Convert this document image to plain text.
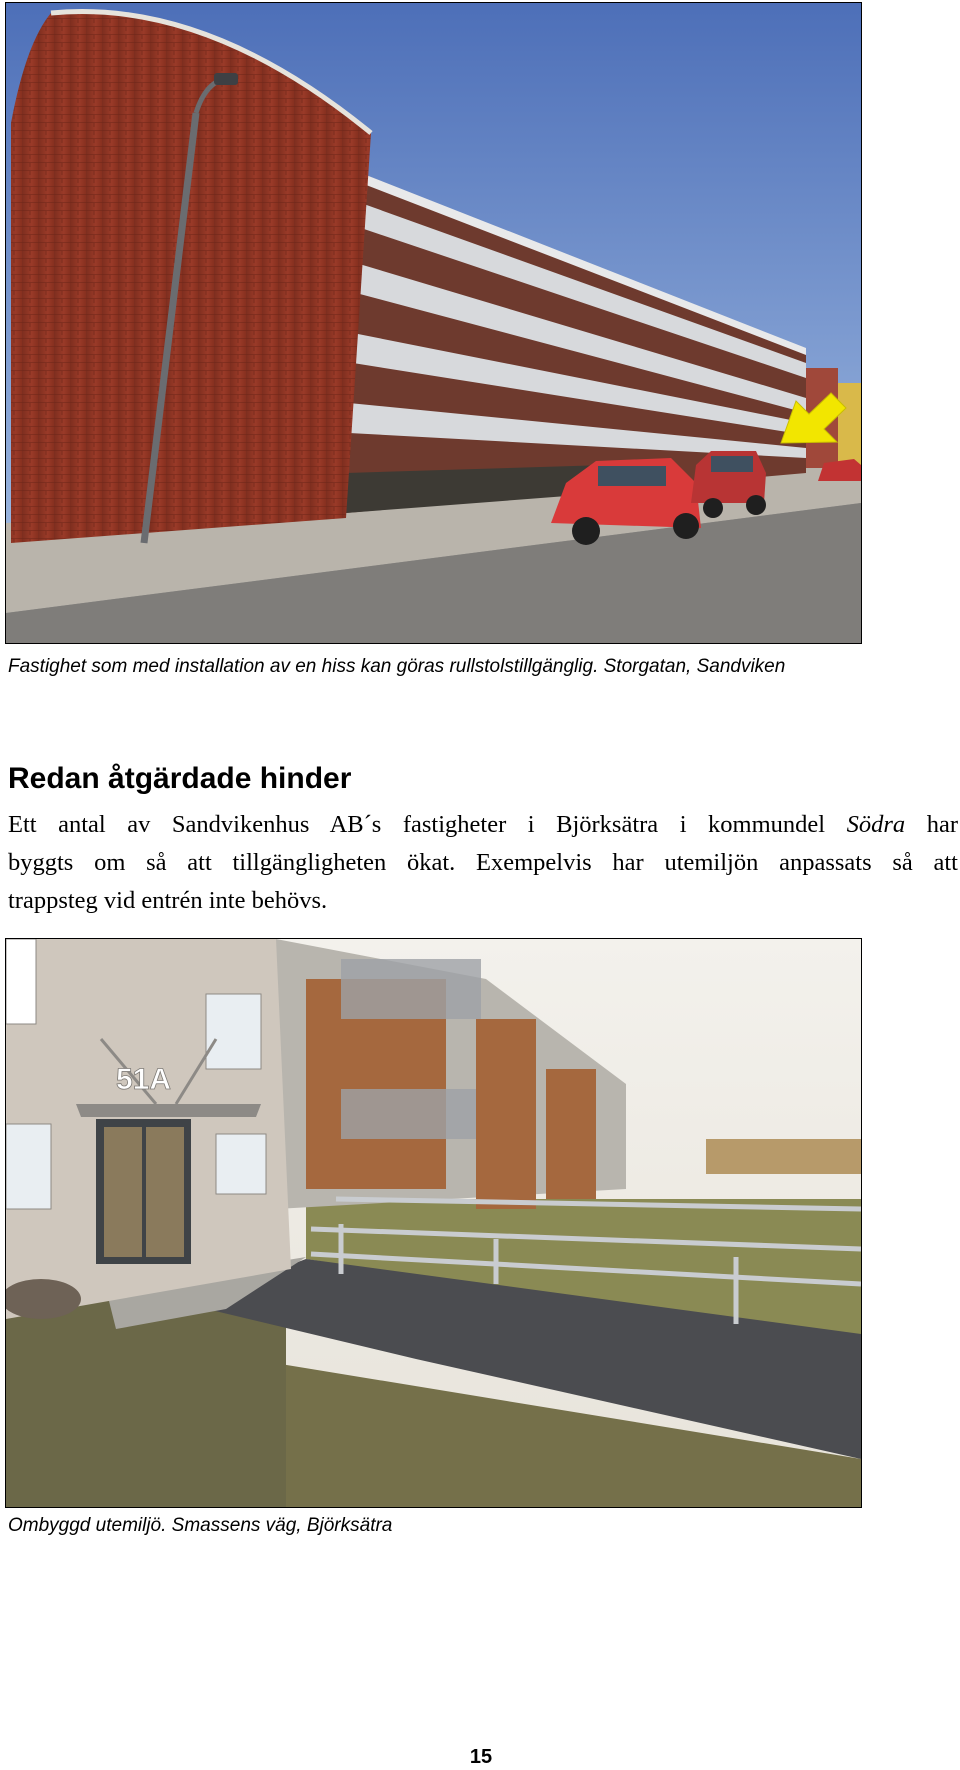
Fastighet som med installation av en hiss kan göras rullstolstillgänglig. Storgatan, Sandviken
Redan åtgärdade hinder
Ett antal av Sandvikenhus AB´s fastigheter i Björksätra i kommundel Södra har
byggts om så att tillgängligheten ökat. Exempelvis har utemiljön anpassats så att
trappsteg vid entrén inte behövs.
51A
Ombyggd utemiljö. Smassens väg, Björksätra
15
